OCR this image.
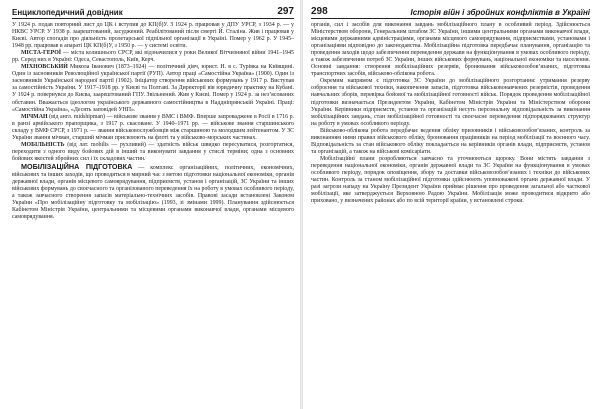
Енциклопедичний довідник	297

У 1924 р. подав повторний лист до ЦК і вступив до КП(б)У. З 1924 р. працював у ДПУ УРСР, з 1934 р. — у НКВС УРСР. У 1938 р. заарештований, засуджений. Реабілітований після смерті Й. Сталіна. Жив і працював у Києві. Автор спогадів про діяльність пролетарської підпільної організації в Україні. Помер у 1962 р. У 1945–1948 рр. працював в апараті ЦК КП(б)У, з 1950 р. — у системі освіти.

МІСТА-ГЕРОЇ — міста колишнього СРСР, які відзначилися у роки Великої Вітчизняної війни 1941–1945 рр. Серед них в Україні: Одеса, Севастополь, Київ, Керч.

МІХНОВСЬКИЙ Микола Іванович (1873–1924) — політичний діяч, юрист. Н. в с. Турівка на Київщині. Один із засновників Революційної української партії (РУП). Автор праці «Самостійна Україна» (1900). Один із засновників Української народної партії (1902). Ініціатор створення військових формувань у 1917 р. Виступав за самостійність України. У 1917–1918 рр. у Києві та Полтаві. За Директорії вів юридичну практику на Кубані. У 1924 р. повернувся до Києва, заарештований ГПУ. Звільнений. Жив у Києві. Помер у 1924 р. за нез’ясованих обставин. Вважається ідеологом українського державного самостійництва в Наддніпрянській Україні. Праці: «Самостійна Україна», «Десять заповідей УНП».

МІЧМАН (від англ. midshipman) — військове звання у ВМС і ВМФ. Вперше запроваджене в Росії в 1716 р. в ранзі армійського прапорщика, з 1917 р. скасоване. У 1940–1971 рр. — військове звання старшинського складу у ВМФ СРСР, з 1971 р. — звання військовослужбовців між старшиною та молодшим лейтенантом. У ЗС України звання мічман, старший мічман присвоюють на флоті та у військово-морських частинах.

МОБІЛЬНІСТЬ (від лат. mobilis — рухливий) — здатність військ швидко пересуватися, розгортатися, переходити з одного виду бойових дій в інший та виконувати завдання у стислі терміни; одна з основних бойових якостей збройних сил і їх складових частин.

МОБІЛІЗАЦІЙНА ПІДГОТОВКА — комплекс організаційних, політичних, економічних, військових та інших заходів, що проводяться в мирний час з метою підготовки національної економіки, органів державної влади, органів місцевого самоврядування, підприємств, установ і організацій, ЗС України та інших військових формувань до своєчасного та організованого переведення їх на роботу в умовах особливого періоду, а також завчасного створення запасів матеріально-технічних засобів. Правові засади встановлені Законом України «Про мобілізаційну підготовку та мобілізацію» (1993, зі змінами 1999). Планування здійснюється Кабінетом Міністрів України, центральними та місцевими органами виконавчої влади, органами місцевого самоврядування.

298	Історія війн і збройних конфліктів в Україні

органів, сил і засобів для виконання завдань мобілізаційного плану в особливий період. Здійснюється Міністерством оборони, Генеральним штабом ЗС України, іншими центральними органами виконавчої влади, місцевими державними адміністраціями, органами місцевого самоврядування, підприємствами, установами і організаціями відповідно до законодавства. Мобілізаційна підготовка передбачає планування, організацію та проведення заходів щодо забезпечення переведення держави на функціонування в умовах особливого періоду, а також забезпечення потреб ЗС України, інших військових формувань, національної економіки та населення. Основні завдання: створення мобілізаційних резервів, бронювання військовозобов’язаних, підготовка транспортних засобів, військово-облікова робота.

Окремим напрямом є підготовка ЗС України до мобілізаційного розгортання: утримання резерву озброєння та військової техніки, накопичення запасів, підготовка військовонавчених резервістів, проведення навчальних зборів, перевірка бойової та мобілізаційної готовності військ. Порядок проведення мобілізаційної підготовки визначається Президентом України, Кабінетом Міністрів України та Міністерством оборони України. Керівники підприємств, установ та організацій несуть персональну відповідальність за виконання мобілізаційних завдань, стан мобілізаційної готовності та своєчасне переведення підпорядкованих структур на роботу в умовах особливого періоду.

Військово-облікова робота передбачає ведення обліку призовників і військовозобов’язаних, контроль за виконанням ними правил військового обліку, бронювання працівників на період мобілізації та воєнного часу. Відповідальність за стан військового обліку покладається на керівників органів влади, підприємств, установ та організацій, а також на військові комісаріати.

Мобілізаційні плани розробляються завчасно та уточнюються щороку. Вони містять завдання з переведення національної економіки, органів державної влади та ЗС України на функціонування в умовах особливого періоду, порядок оповіщення, збору та доставки військовозобов’язаних і техніки до військових частин. Контроль за станом мобілізаційної підготовки здійснюють уповноважені органи державної влади. У разі загрози нападу на Україну Президент України приймає рішення про проведення загальної або часткової мобілізації, яке затверджується Верховною Радою України. Мобілізація може проводитися відкрито або приховано, у визначених районах або по всій території країни, у встановлені строки.
